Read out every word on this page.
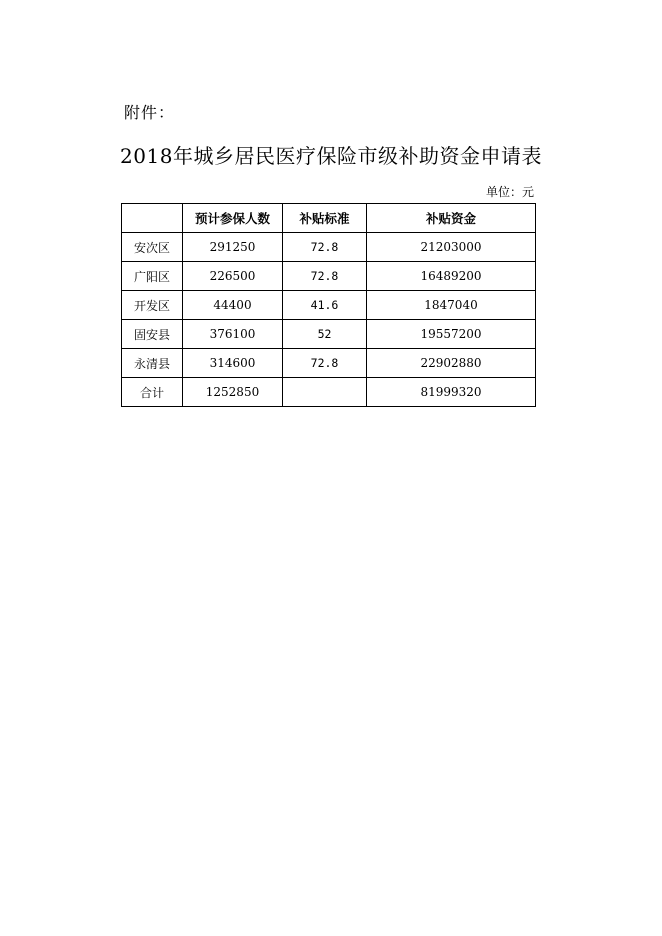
附件：
2018年城乡居民医疗保险市级补助资金申请表
单位：元
	预计参保人数	补贴标准	补贴资金
安次区	291250	72.8	21203000
广阳区	226500	72.8	16489200
开发区	44400	41.6	1847040
固安县	376100	52	19557200
永清县	314600	72.8	22902880
合计	1252850		81999320
